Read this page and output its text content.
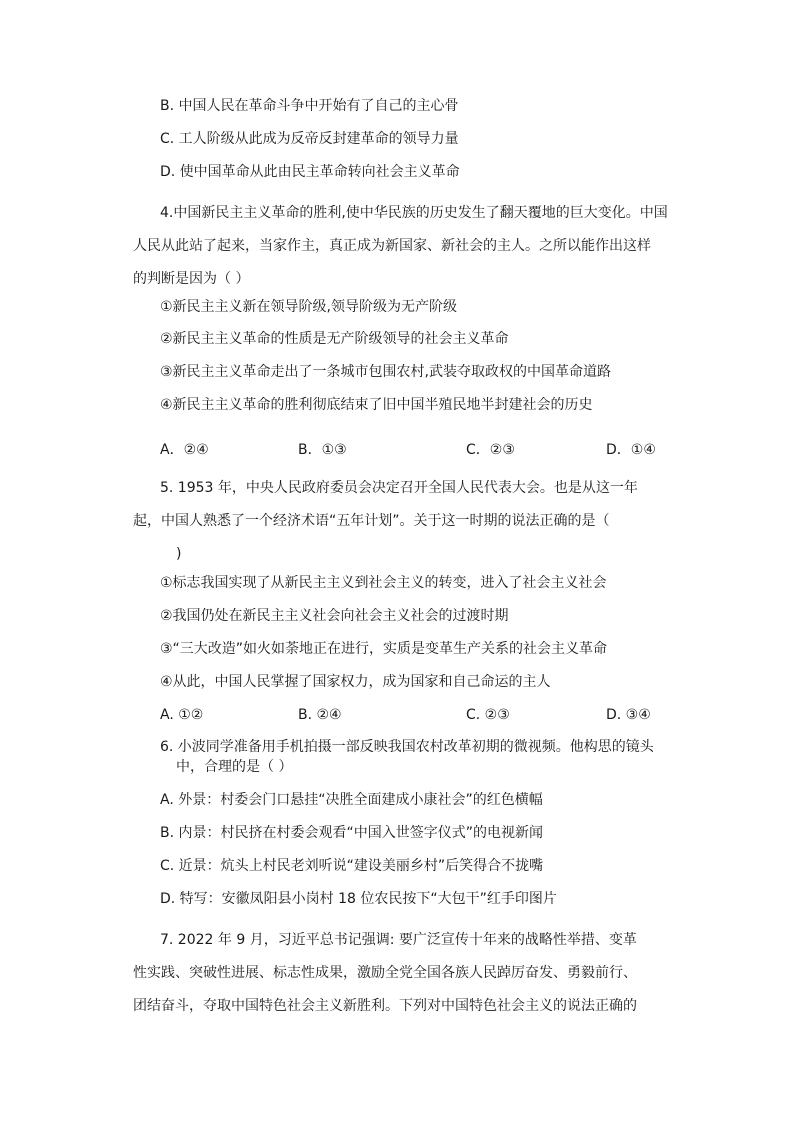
B. 中国人民在革命斗争中开始有了自己的主心骨
C. 工人阶级从此成为反帝反封建革命的领导力量
D. 使中国革命从此由民主革命转向社会主义革命
4.中国新民主主义革命的胜利,使中华民族的历史发生了翻天覆地的巨大变化。中国
人民从此站了起来，当家作主，真正成为新国家、新社会的主人。之所以能作出这样
的判断是因为（ ）
①新民主主义新在领导阶级,领导阶级为无产阶级
②新民主主义革命的性质是无产阶级领导的社会主义革命
③新民主主义革命走出了一条城市包围农村,武装夺取政权的中国革命道路
④新民主主义革命的胜利彻底结束了旧中国半殖民地半封建社会的历史
A．②④	B．①③	C．②③	D．①④
5. 1953 年，中央人民政府委员会决定召开全国人民代表大会。也是从这一年
起，中国人熟悉了一个经济术语“五年计划”。关于这一时期的说法正确的是（
)
①标志我国实现了从新民主主义到社会主义的转变，进入了社会主义社会
②我国仍处在新民主主义社会向社会主义社会的过渡时期
③“三大改造”如火如荼地正在进行，实质是变革生产关系的社会主义革命
④从此，中国人民掌握了国家权力，成为国家和自己命运的主人
A. ①②	B. ②④	C. ②③	D. ③④
6. 小波同学准备用手机拍摄一部反映我国农村改革初期的微视频。他构思的镜头
中，合理的是（ ）
A. 外景：村委会门口悬挂“决胜全面建成小康社会”的红色横幅
B. 内景：村民挤在村委会观看“中国入世签字仪式”的电视新闻
C. 近景：炕头上村民老刘听说“建设美丽乡村”后笑得合不拢嘴
D. 特写：安徽凤阳县小岗村 18 位农民按下“大包干”红手印图片
7. 2022 年 9 月，习近平总书记强调: 要广泛宣传十年来的战略性举措、变革
性实践、突破性进展、标志性成果，激励全党全国各族人民踔厉奋发、勇毅前行、
团结奋斗，夺取中国特色社会主义新胜利。下列对中国特色社会主义的说法正确的
